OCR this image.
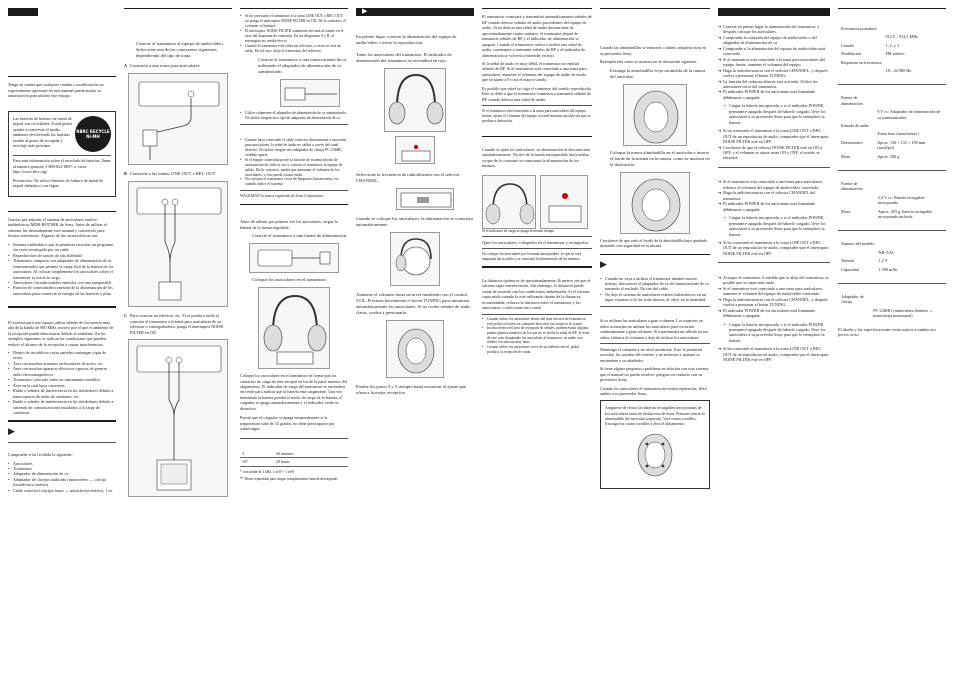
Tenga en cuenta que cualquier cambio o modificación no expresamente aprobado en este manual puede anular su autorización para utilizar este equipo.

Las baterías de hidruro de metal de níquel son reciclables. Usted podrá ayudar a conservar el medio ambiente devolviendo las baterías usadas al punto de recogida y reciclaje más próximo.

RBRC RECYCLE Ni-MH

Para más información sobre el reciclado de baterías, llame al número gratuito 1-800-822-8837, o visite http://www.rbrc.org/

Precaución: No utilice baterías de hidruro de metal de níquel dañadas o con fugas.

Gracias por adquirir el sistema de auriculares estéreo inalámbricos MDR-RF970RK de Sony. Antes de utilizar el sistema, lea detenidamente este manual y consérvelo para futuras referencias. Algunas de las características son:

• Sistema inalámbrico que le permitirá escuchar un programa sin verse restringido por un cable
• Reproducción de sonido de alta fidelidad
• Transmisor compacto con adaptador de alimentación de ca (suministrado) que permite la carga fácil de la batería de los auriculares. Al colocar simplemente los auriculares sobre el transmisor se inicia la carga.
• Auriculares Cerrado/sonidos emitidos con una autoportátil
• Función de conexión/desconexión de la alimentación de los auriculares para conservar la energía de las baterías y pilas

El sistema para este equipo utiliza señales de frecuencia muy alta de la banda de 900 MHz, motivo por el que el ambiente de la recepción puede deteriorarse debido al ambiente. En los ejemplos siguientes se indican las condiciones que pueden reducir el alcance de la recepción o causar interferencias.

• Dentro de un edificio cuyas paredes contengan vigas de acero.
• Área con muchos armarios archivadores de acero, etc.
• Área con muchos aparatos eléctricos capaces de generar radio electromagnéticos
• Transmisor colocado sobre un instrumento metálico
• Área en la cual haya carreteras.
• Ruido o señales de interferencia en los alrededores debido a transceptores de radio de camiones, etc.
• Ruido o señales de interferencia en los alrededores debido a sistemas de comunicaciones instalados a lo largo de carreteras.
▶

Compruebe si ha recibido lo siguiente:

• Auriculares
• Transmisor
• Adaptador de alimentación de ca
• Adaptador de clavijas unificado (miniestéreo ↔ clavija fotoeléctrica estéreo)
• Cable conector (clavijas fonos ↔ miniclavija estéreo), 1 m.

Conecte el transmisor al equipo de audio/vídeo. Seleccione una de las conexiones siguientes dependiendo del tipo de toma.

A Conexión a una toma para auriculares
B Conexión a las tomas LINE OUT o REC OUT
C Para conectar un televisor, etc. Si se produce ruido al conectar el transmisor a la toma para auriculares de su televisor o videograbadora, ponga el interruptor NOISE FILTER en ON.
• Si ha conectado el transmisor a la toma LINE OUT o REC OUT, no ponga el interruptor NOISE FILTER en ON. De lo contrario, el volumen se limitará.
• El interruptor NOISE FILTER solamente afectará al sonido en el caso del diagrama de conexión. En los diagramas A y B, el interruptor no tendrá efecto.
• Cuando el transmisor esté sobre un televisor, a veces se oirá un ruido. En tal caso, aleje el transmisor del televisor.

Conecte el transmisor a una tomacorriente de ca utilizando el adaptador de alimentación de ca suministrado.

• Utilice solamente el adaptador de alimentación de ca suministrado. No utilice ningún otro tipo de adaptador de alimentación de ca.
• Cuando haya conectado el cable conector directamente a una toma para auriculares, la señal de audio no saldrá a través del canal derecho. No utilice ningún otro adaptador de clavija PC-236HG vendido aparte.
• Si el equipo conectado posee la función de sistema (modo de autosintonía de vídeo u otro), conecte el transmisor al equipo de salida. De lo contrario, tendrá que aumentar el volumen de los auriculares, y esto puede causar ruido.
• No coloque el transmisor cerca de lámparas fluorescentes, etc. cuando utilice el sistema.

WALKMAN es marca registrada de Sony Corporation.

Antes de utilizar por primera vez los auriculares, cargue la batería de la fuente regulable.

Conecte el transmisor a una fuente de alimentación.

Coloque los auriculares en el transmisor.

Coloque los auriculares en el transmisor de forma que los contactos de carga de éste encajen en los de la parte anterior del alojamiento. El indicador de carga del transmisor se encenderá en verde para indicar que la batería está cargándose. Una vez terminada la batería pondrá el modo de carga de la batería, el cargador se apaga automáticamente y el indicador verde se desactiva.

Puesto que el cargador se apaga temporalmente si la temperatura sube de 35 grados, no debe preocuparse por sobrecargas.

3	40 minutos
16*	29 horas

* con salida de 1 kHz, 1 mW + 1 mW

** Horas requeridas para cargar completamente batería descargadas

▶

En primer lugar, conecte la alimentación del equipo de audio/vídeo e inicie la reproducción.

Tome los auriculares del transmisor. El indicador de alimentación del transmisor se encenderá en rojo.

Seleccione la frecuencia de radiodifusión con el selector CHANNEL.

Cuando se coloque los auriculares, la alimentación se conectará automáticamente.

Aumente el volumen hasta un nivel moderado con el control VOL. Presione brevemente el botón TUNING para sintonizar automáticamente los auriculares. Si no recibe señales de audio claras, vuelva a presionarlo.

Pruebe los pasos 3 y 5 siempre hasta encontrar el ajuste que ofrezca la mejor recepción.

El transmisor conectará y transmitirá automáticamente señales de RF cuando detecte señales de audio procedentes del equipo de audio. Si no detecta una señal de audio durante más de aproximadamente cuatro minutos, el transmisor dejará de transmitir señales de RF y el indicador de alimentación se apagará. Cuando el transmisor vuelva a recibir una señal de audio, comenzará a transmitir señales de RF y el indicador de alimentación se volverá a encender en rojo.

Si la señal de audio es muy débil, el transmisor no emitirá señales de RF. Si el transmisor está conectado a una toma para auriculares, aumente el volumen del equipo de audio de modo que se ajuste a 9 o así el mayor sonido.

Es posible que usted no oiga el comienzo del sonido reproducido. Esto se debe a que el transmisor comienza a transmitir señales de RF cuando detecta una señal de audio.

Si el transmisor está conectado a la toma para auriculares del equipo fuente, ajuste el volumen del equipo al nivel máximo posible sin que se produzca distorsión.

Cuando se quite los auriculares, su alimentación se desconectará automáticamente. No tire de la banda autoajustable hacia arriba, ya que de lo contrario se conectaría la alimentación de los mismos.

Si el indicador de carga se apaga al mismo tiempo.

Quite los auriculares, colóquelos en el transmisor y recárguelos.

No coloque los auriculares por la banda autoajustable, ya que se verá empujada hacia arriba y se conectará la alimentación de los mismos.

La distancia óptima es de aproximadamente 46 metros sin que el sistema capte interferencias. Sin embargo, la distancia puede variar de acuerdo con los condiciones ambientales. Si el sistema capta ruido cuando lo esté utilizando dentro de la distancia recomendada, reduzca la distancia entre el transmisor y los auriculares, o seleccione otro canal.

• Cuando utilice los auriculares dentro del área efectiva del transmisor, éste podrá colocarse en cualquier dirección con respecto al oyente.
• Incluso dentro del área de recepción de señales, pueden existir algunos puntos (puntos muertos) en los que no se reciba la señal de RF. Si tiene de este caso desplazado los auriculares el transmisor, su audio a no señales frecuencias muy altas.
• Cuando utilice los auriculares cerca de un teléfono móvil, podrá producir la recepción de ruido.

Cuando las almohadillas se ensucien o dañen, adquiera otras en su proveedor Sony.

Reemplácelas como se muestra en la ilustración siguiente.

Extraiga la almohadilla vieja sacándola de la ranura del auricular.

Coloque la nueva almohadilla en el auricular e inserte el borde de la misma en la ranura, como se muestra en la ilustración.

Cerciórese de que todo el borde de la almohadilla haya quedado insertado con seguridad en la misma.

▶
• Cuando no vaya a utilizar el transmisor durante mucho tiempo, desconecte el adaptador de ca del tomacorriente de ca tomando el enchufe. No tire del cable.
• No deje el sistema de auriculares estéreo inalámbricos en un lugar expuesto a la luz solar directa, al calor, en la humedad.

Si se utilizan los auriculares a gran volumen. Los expertos en oídos aconsejan no utilizar los auriculares para escuchar continuamente a gran volumen. Si experimenta un silbido en sus oídos, reduzca el volumen o deje de utilizar los auriculares.

Mantenga el volumen a un nivel moderado. Esto le permitirá escuchar los sonidos del exterior y no molestar a quienes se encuentren a su alrededor.

Si tiene alguna pregunta o problema en relación con este sistema que el manual no pueda resolver, póngase en contacto con su proveedor Sony.

Cuando los auriculares el transmisor necesiten reparación, lleve ambos a su proveedor Sony.

Asegúrese de retirar las baterías recargables incorporadas de los auriculares antes de deshacerse de éstos. Presione retirar la almohadilla del auricular izquierdo. Verá cuatro tornillos. Extraiga los cuatro tornillos y abra el alojamiento.

➜ Conecte en primer lugar la alimentación del transmisor, y después coloque los auriculares.
➜ Compruebe la conexión del equipo de audio/vídeo o del adaptador de alimentación de ca.
➜ Compruebe si la alimentación del equipo de audio/vídeo está conectada.
➜ Si el transmisor está conectado a la toma para auriculares del equipo fuente, aumente el volumen del equipo.
➜ Haga la radiofrecuencia con el selector CHANNEL, y después vuelva a presionar el botón TUNING.
➜ La función del reductor/altavoz está activada. Utilice los auriculares cerca del transmisor.
➜ El indicador POWER de los auriculares está iluminado débilmente o apagado.
• Cargue la batería incorporada, o si el indicador POWER permanece apagado después de haberlo cargado, lleve los auriculares a su proveedor Sony para que le reemplace la batería.
➜ Si ha conectado el transmisor a la toma LINE OUT o REC OUT de un reproductor de audio, compruebe que el interruptor NOISE FILTER esté en OFF.
➜ Cerciórese de que el selector NOISE FILTER esté en ON u OFF, y el volumen se ajuste entre ON y OFF, el sonido se retrasará.
➜ Si el transmisor está conectado a una toma para auriculares, reduzca el volumen del equipo de audio/vídeo conectado.
➜ Haga la radiofrecuencia con el selector CHANNEL del transmisor.
➜ El indicador POWER de los auriculares está iluminado débilmente o apagado.
• Cargue la batería incorporada, o si el indicador POWER permanece apagado después de haberlo cargado, lleve los auriculares a su proveedor Sony para que le reemplace la batería.
➜ Si ha conectado el transmisor a la toma LINE OUT o REC OUT de un reproductor de audio, compruebe que el interruptor NOISE FILTER esté en OFF.
➜ Acerque el transmisor. A medida que se aleje del transmisor, es posible que se capte más ruido.
➜ Si el transmisor está conectado a una toma para auriculares, aumente el volumen del equipo de audio/vídeo conectado.
➜ Haga la radiofrecuencia con el selector CHANNEL, y después vuelva a presionar el botón TUNING.
➜ El indicador POWER de los auriculares está iluminado débilmente o apagado.
• Cargue la batería incorporada, o si el indicador POWER permanece apagado después de haberlo cargado, lleve los auriculares a su proveedor Sony para que le reemplace la batería.
➜ Si ha conectado el transmisor a la toma LINE OUT o REC OUT de un reproductor de audio, compruebe que el interruptor NOISE FILTER esté en OFF.
Frecuencia portadora	
	912,5 – 914,5 MHz
Canales	1, 2, y 3
Modulación	FM estéreo
Respuesta en frecuencia	
	18 – 22 000 Hz
Fuente de alimentación	
	9 V cc: Adaptador de alimentación de ca (suministrado)
Entrada de audio	
	Toma fono (miniestéreo)
Dimensiones	Aprox. 136 × 135 × 190 mm (an/al/prf)
Masa	Aprox. 200 g
Fuente de alimentación	
	2,4 V cc: Batería recargable incorporada
Masa	Aprox. 293 g, batería recargable incorporada incluida
Número del modelo	
	NH-AAC
Tensión	1,2 V
Capacidad	1 000 mAh
Adaptador de clavija	
	PC-236HG (miniestéreo hembra ↔ miniclavija monoaural)

El diseño y las especificaciones están sujetos a cambio sin previo aviso.
